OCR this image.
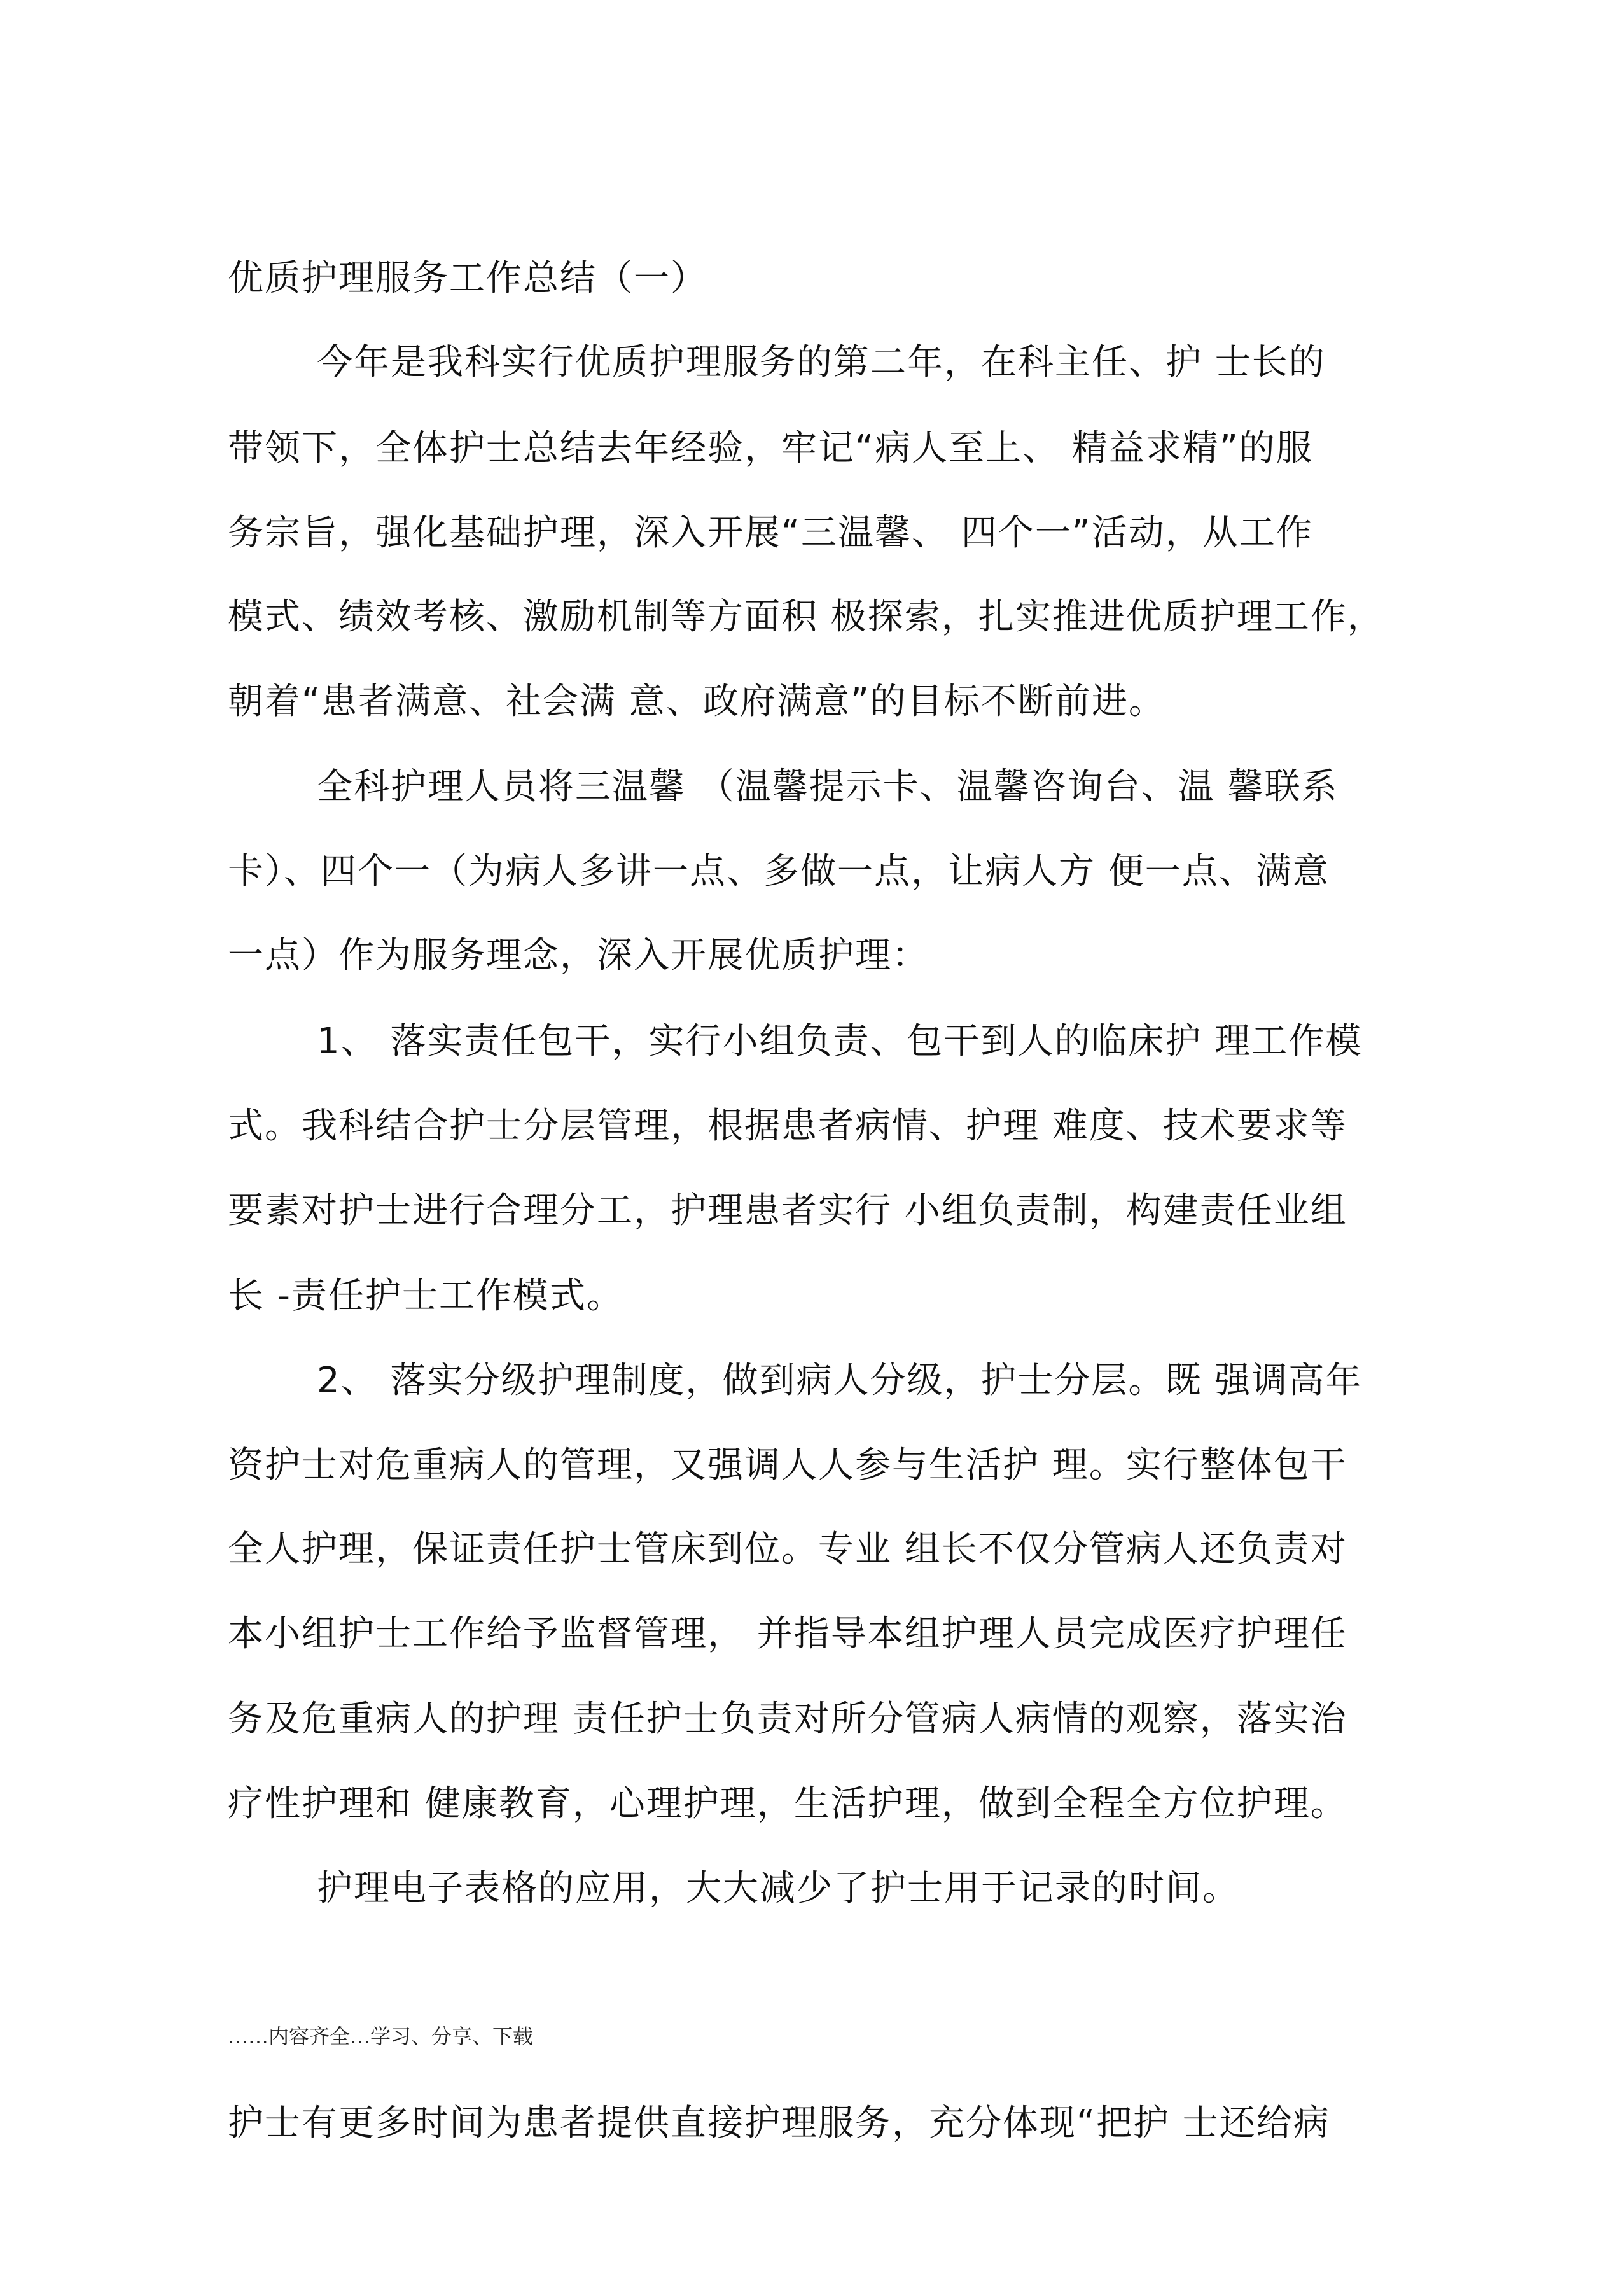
优质护理服务工作总结（一）
今年是我科实行优质护理服务的第二年，在科主任、护 士长的
带领下，全体护士总结去年经验，牢记“病人至上、 精益求精”的服
务宗旨，强化基础护理，深入开展“三温馨、 四个一”活动，从工作
模式、绩效考核、激励机制等方面积 极探索，扎实推进优质护理工作，
朝着“患者满意、社会满 意、政府满意”的目标不断前进。
全科护理人员将三温馨 （温馨提示卡、温馨咨询台、温 馨联系
卡）、四个一（为病人多讲一点、多做一点，让病人方 便一点、满意
一点）作为服务理念，深入开展优质护理：
1、 落实责任包干，实行小组负责、包干到人的临床护 理工作模
式。我科结合护士分层管理，根据患者病情、护理 难度、技术要求等
要素对护士进行合理分工，护理患者实行 小组负责制，构建责任业组
长 -责任护士工作模式。
2、 落实分级护理制度，做到病人分级，护士分层。既 强调高年
资护士对危重病人的管理，又强调人人参与生活护 理。实行整体包干
全人护理，保证责任护士管床到位。专业 组长不仅分管病人还负责对
本小组护士工作给予监督管理， 并指导本组护理人员完成医疗护理任
务及危重病人的护理 责任护士负责对所分管病人病情的观察，落实治
疗性护理和 健康教育，心理护理，生活护理，做到全程全方位护理。
护理电子表格的应用，大大减少了护士用于记录的时间。
……内容齐全…学习、分享、下载
护士有更多时间为患者提供直接护理服务，充分体现“把护 士还给病
